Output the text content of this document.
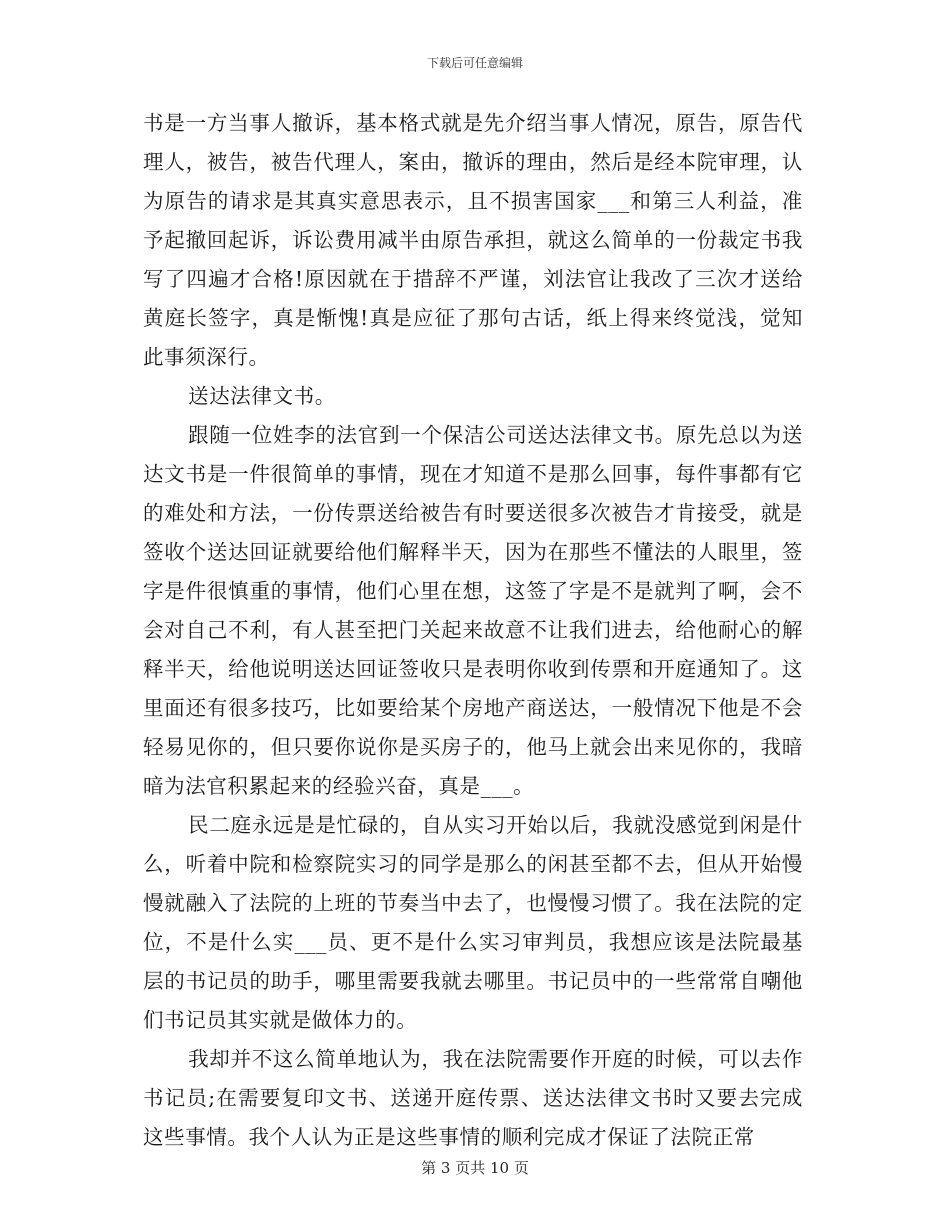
下载后可任意编辑

书是一方当事人撤诉，基本格式就是先介绍当事人情况，原告，原告代理人，被告，被告代理人，案由，撤诉的理由，然后是经本院审理，认为原告的请求是其真实意思表示，且不损害国家___和第三人利益，准予起撤回起诉，诉讼费用减半由原告承担，就这么简单的一份裁定书我写了四遍才合格!原因就在于措辞不严谨，刘法官让我改了三次才送给黄庭长签字，真是惭愧!真是应征了那句古话，纸上得来终觉浅，觉知此事须深行。

送达法律文书。

跟随一位姓李的法官到一个保洁公司送达法律文书。原先总以为送达文书是一件很简单的事情，现在才知道不是那么回事，每件事都有它的难处和方法，一份传票送给被告有时要送很多次被告才肯接受，就是签收个送达回证就要给他们解释半天，因为在那些不懂法的人眼里，签字是件很慎重的事情，他们心里在想，这签了字是不是就判了啊，会不会对自己不利，有人甚至把门关起来故意不让我们进去，给他耐心的解释半天，给他说明送达回证签收只是表明你收到传票和开庭通知了。这里面还有很多技巧，比如要给某个房地产商送达，一般情况下他是不会轻易见你的，但只要你说你是买房子的，他马上就会出来见你的，我暗暗为法官积累起来的经验兴奋，真是___。

民二庭永远是是忙碌的，自从实习开始以后，我就没感觉到闲是什么，听着中院和检察院实习的同学是那么的闲甚至都不去，但从开始慢慢就融入了法院的上班的节奏当中去了，也慢慢习惯了。我在法院的定位，不是什么实___员、更不是什么实习审判员，我想应该是法院最基层的书记员的助手，哪里需要我就去哪里。书记员中的一些常常自嘲他们书记员其实就是做体力的。

我却并不这么简单地认为，我在法院需要作开庭的时候，可以去作书记员;在需要复印文书、送递开庭传票、送达法律文书时又要去完成这些事情。我个人认为正是这些事情的顺利完成才保证了法院正常

第 3 页共 10 页
